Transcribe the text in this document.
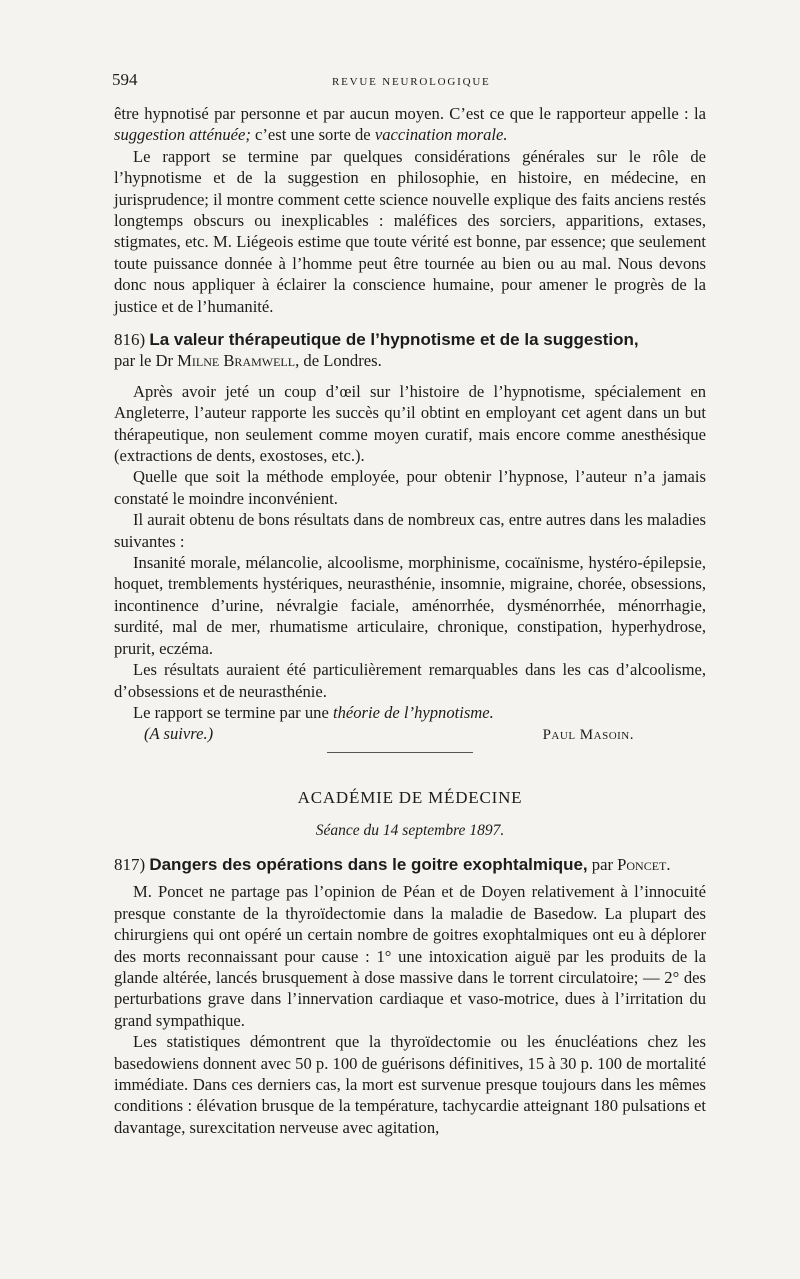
594	REVUE NEUROLOGIQUE

être hypnotisé par personne et par aucun moyen. C’est ce que le rapporteur appelle : la suggestion atténuée; c’est une sorte de vaccination morale.

Le rapport se termine par quelques considérations générales sur le rôle de l’hypnotisme et de la suggestion en philosophie, en histoire, en médecine, en jurisprudence; il montre comment cette science nouvelle explique des faits anciens restés longtemps obscurs ou inexplicables : maléfices des sorciers, apparitions, extases, stigmates, etc. M. Liégeois estime que toute vérité est bonne, par essence; que seulement toute puissance donnée à l’homme peut être tournée au bien ou au mal. Nous devons donc nous appliquer à éclairer la conscience humaine, pour amener le progrès de la justice et de l’humanité.

816) La valeur thérapeutique de l’hypnotisme et de la suggestion,

par le Dr Milne Bramwell, de Londres.

Après avoir jeté un coup d’œil sur l’histoire de l’hypnotisme, spécialement en Angleterre, l’auteur rapporte les succès qu’il obtint en employant cet agent dans un but thérapeutique, non seulement comme moyen curatif, mais encore comme anesthésique (extractions de dents, exostoses, etc.).

Quelle que soit la méthode employée, pour obtenir l’hypnose, l’auteur n’a jamais constaté le moindre inconvénient.

Il aurait obtenu de bons résultats dans de nombreux cas, entre autres dans les maladies suivantes :

Insanité morale, mélancolie, alcoolisme, morphinisme, cocaïnisme, hystéro-épilepsie, hoquet, tremblements hystériques, neurasthénie, insomnie, migraine, chorée, obsessions, incontinence d’urine, névralgie faciale, aménorrhée, dysménorrhée, ménorrhagie, surdité, mal de mer, rhumatisme articulaire, chronique, constipation, hyperhydrose, prurit, eczéma.

Les résultats auraient été particulièrement remarquables dans les cas d’alcoolisme, d’obsessions et de neurasthénie.

Le rapport se termine par une théorie de l’hypnotisme.

(A suivre.)	Paul Masoin.
ACADÉMIE DE MÉDECINE
Séance du 14 septembre 1897.

817) Dangers des opérations dans le goitre exophtalmique, par Poncet.

M. Poncet ne partage pas l’opinion de Péan et de Doyen relativement à l’innocuité presque constante de la thyroïdectomie dans la maladie de Basedow. La plupart des chirurgiens qui ont opéré un certain nombre de goitres exophtalmiques ont eu à déplorer des morts reconnaissant pour cause : 1° une intoxication aiguë par les produits de la glande altérée, lancés brusquement à dose massive dans le torrent circulatoire; — 2° des perturbations grave dans l’innervation cardiaque et vaso-motrice, dues à l’irritation du grand sympathique.

Les statistiques démontrent que la thyroïdectomie ou les énucléations chez les basedowiens donnent avec 50 p. 100 de guérisons définitives, 15 à 30 p. 100 de mortalité immédiate. Dans ces derniers cas, la mort est survenue presque toujours dans les mêmes conditions : élévation brusque de la température, tachycardie atteignant 180 pulsations et davantage, surexcitation nerveuse avec agitation,
